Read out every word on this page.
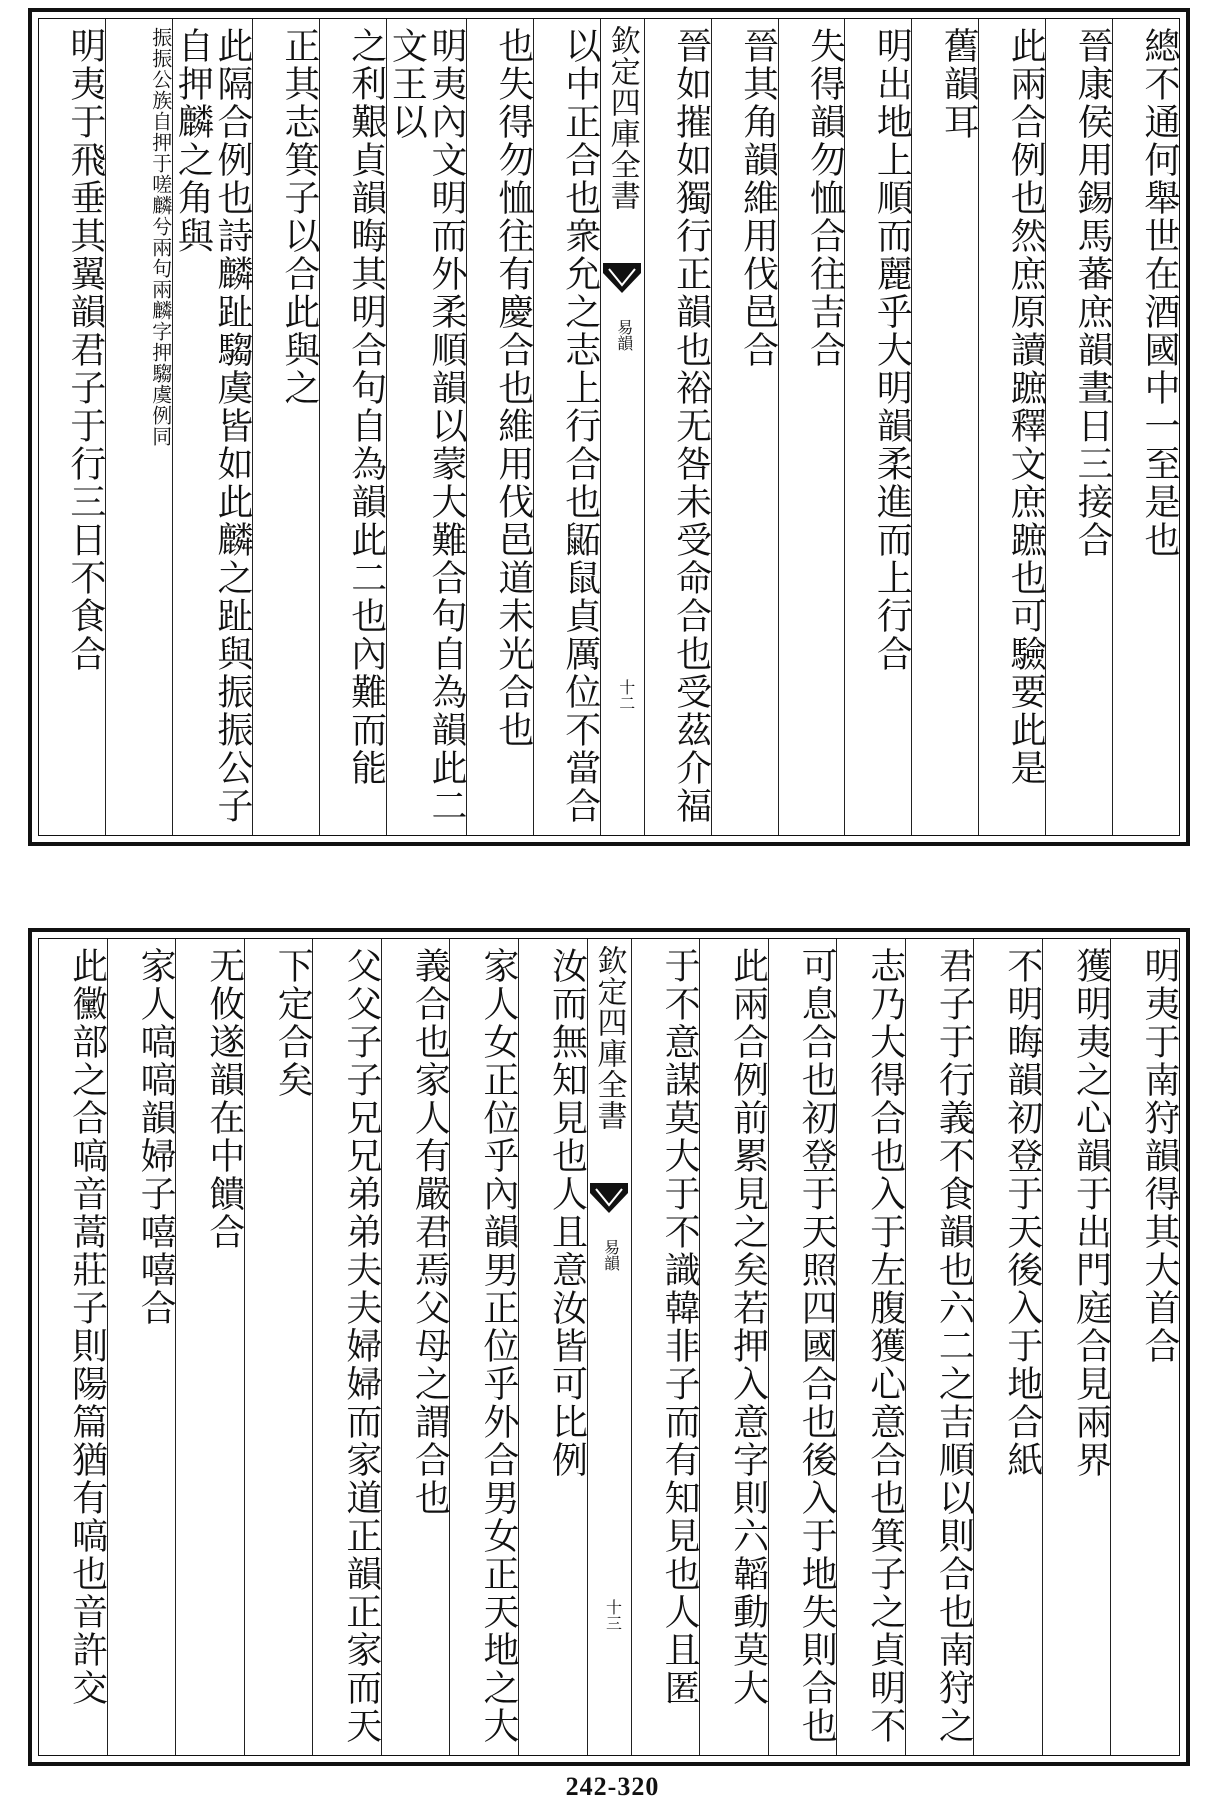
總不通何舉世在酒國中一至是也
晉康侯用錫馬蕃庶韻晝日三接合
此兩合例也然庶原讀蹠釋文庶蹠也可驗要此是
舊韻耳
明出地上順而麗乎大明韻柔進而上行合
失得韻勿恤合往吉合
晉其角韻維用伐邑合
晉如摧如獨行正韻也裕无咎未受命合也受茲介福
欽定四庫全書
易韻
十二
以中正合也衆允之志上行合也鼫鼠貞厲位不當合
也失得勿恤往有慶合也維用伐邑道未光合也
明夷內文明而外柔順韻以蒙大難合句自為韻此二文王以
之利艱貞韻晦其明合句自為韻此二也內難而能
正其志箕子以合此與之
此隔合例也詩麟趾騶虞皆如此麟之趾與振振公子自押麟之角與
振振公族自押于嗟麟兮兩句兩麟字押騶虞例同
明夷于飛垂其翼韻君子于行三日不食合
明夷于南狩韻得其大首合
獲明夷之心韻于出門庭合見兩界
不明晦韻初登于天後入于地合紙
君子于行義不食韻也六二之吉順以則合也南狩之
志乃大得合也入于左腹獲心意合也箕子之貞明不
可息合也初登于天照四國合也後入于地失則合也
此兩合例前累見之矣若押入意字則六韜動莫大
于不意謀莫大于不識韓非子而有知見也人且匿
欽定四庫全書
易韻
十三
汝而無知見也人且意汝皆可比例
家人女正位乎內韻男正位乎外合男女正天地之大
義合也家人有嚴君焉父母之謂合也
父父子子兄兄弟弟夫夫婦婦而家道正韻正家而天
下定合矣
无攸遂韻在中饋合
家人嗃嗃韻婦子嘻嘻合
此黴部之合嗃音蒿莊子則陽篇猶有嗃也音許交
242-320
